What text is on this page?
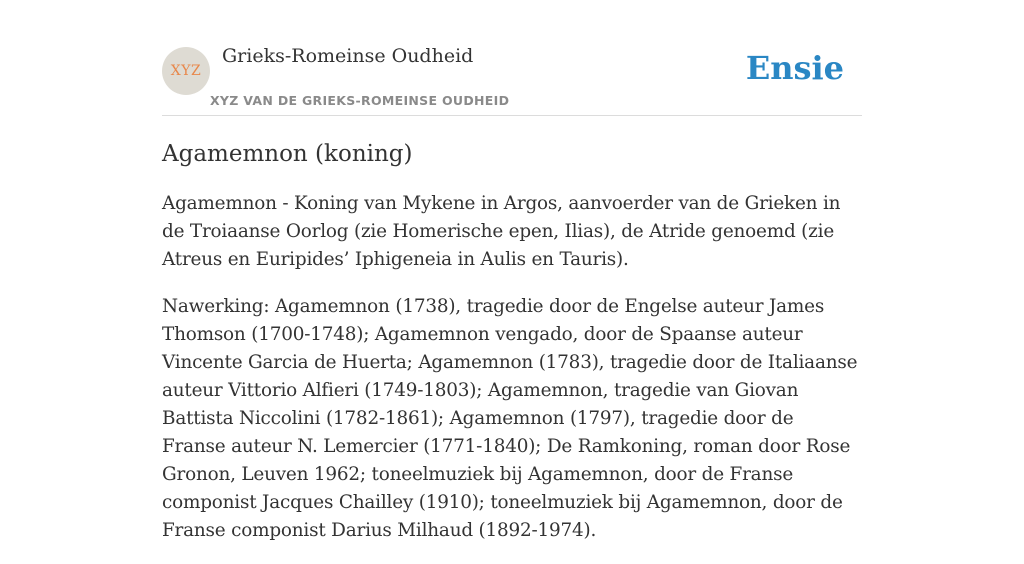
XYZ
Grieks-Romeinse Oudheid
XYZ VAN DE GRIEKS-ROMEINSE OUDHEID
Ensie
Agamemnon (koning)

Agamemnon - Koning van Mykene in Argos, aanvoerder van de Grieken in de Troiaanse Oorlog (zie Homerische epen, Ilias), de Atride genoemd (zie Atreus en Euripides’ Iphigeneia in Aulis en Tauris).

Nawerking: Agamemnon (1738), tragedie door de Engelse auteur James Thomson (1700-1748); Agamemnon vengado, door de Spaanse auteur Vincente Garcia de Huerta; Agamemnon (1783), tragedie door de Italiaanse auteur Vittorio Alfieri (1749-1803); Agamemnon, tragedie van Giovan Battista Niccolini (1782-1861); Agamemnon (1797), tragedie door de Franse auteur N. Lemercier (1771-1840); De Ramkoning, roman door Rose Gronon, Leuven 1962; toneelmuziek bij Agamemnon, door de Franse componist Jacques Chailley (1910); toneelmuziek bij Agamemnon, door de Franse componist Darius Milhaud (1892-1974).
